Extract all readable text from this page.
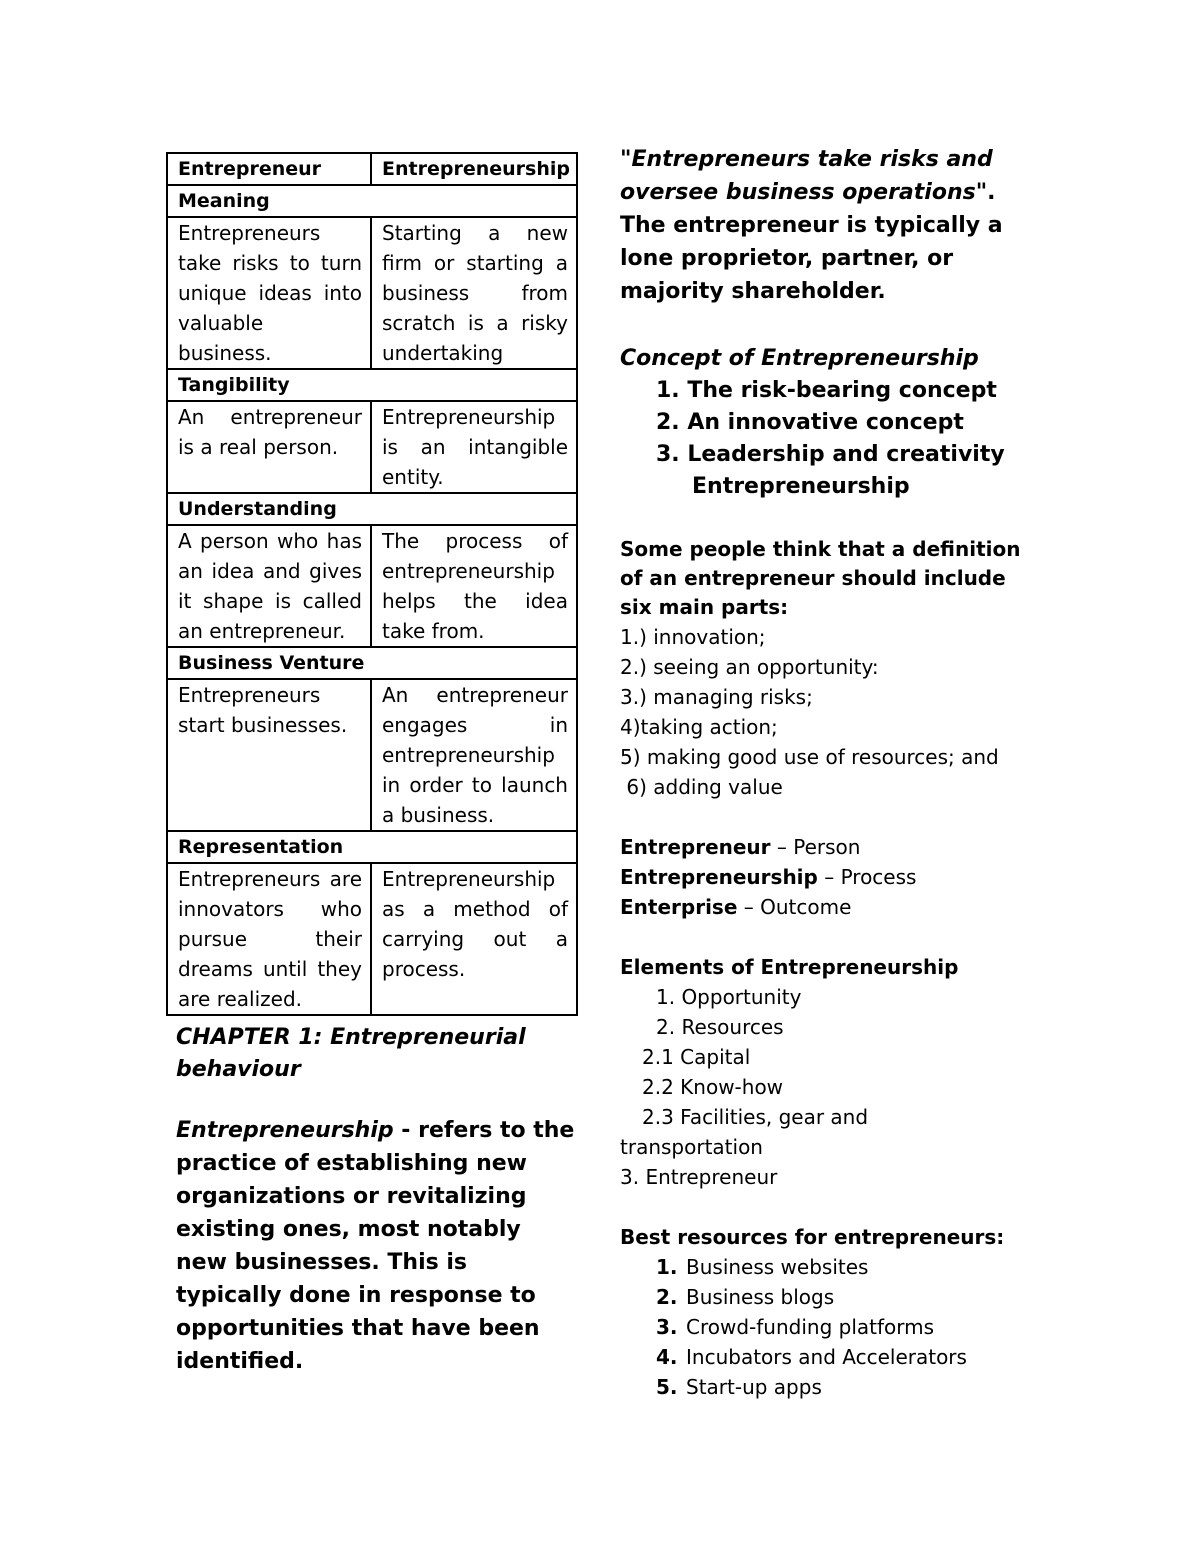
Entrepreneur	Entrepreneurship
Meaning	
Entrepreneurs take risks to turn unique ideas into valuable business.	Starting a new firm or starting a business from scratch is a risky undertaking
Tangibility	
An entrepreneur is a real person.	Entrepreneurship is an intangible entity.
Understanding	
A person who has an idea and gives it shape is called an entrepreneur.	The process of entrepreneurship helps the idea take from.
Business Venture	
Entrepreneurs start businesses.	An entrepreneur engages in entrepreneurship in order to launch a business.
Representation	
Entrepreneurs are innovators who pursue their dreams until they are realized.	Entrepreneurship as a method of carrying out a process.
CHAPTER 1: Entrepreneurial behaviour

Entrepreneurship - refers to the practice of establishing new organizations or revitalizing existing ones, most notably new businesses. This is typically done in response to opportunities that have been identified.

"Entrepreneurs take risks and oversee business operations". The entrepreneur is typically a lone proprietor, partner, or majority shareholder.

Concept of Entrepreneurship
1. The risk-bearing concept
2. An innovative concept
3. Leadership and creativity
Entrepreneurship
Some people think that a definition of an entrepreneur should include six main parts:
1.) innovation;
2.) seeing an opportunity:
3.) managing risks;
4)taking action;
5) making good use of resources; and
6) adding value
Entrepreneur – Person
Entrepreneurship – Process
Enterprise – Outcome
Elements of Entrepreneurship
1. Opportunity
2. Resources
2.1 Capital
2.2 Know-how
2.3 Facilities, gear and
transportation
3. Entrepreneur
Best resources for entrepreneurs:
1. Business websites
2. Business blogs
3. Crowd-funding platforms
4. Incubators and Accelerators
5. Start-up apps
